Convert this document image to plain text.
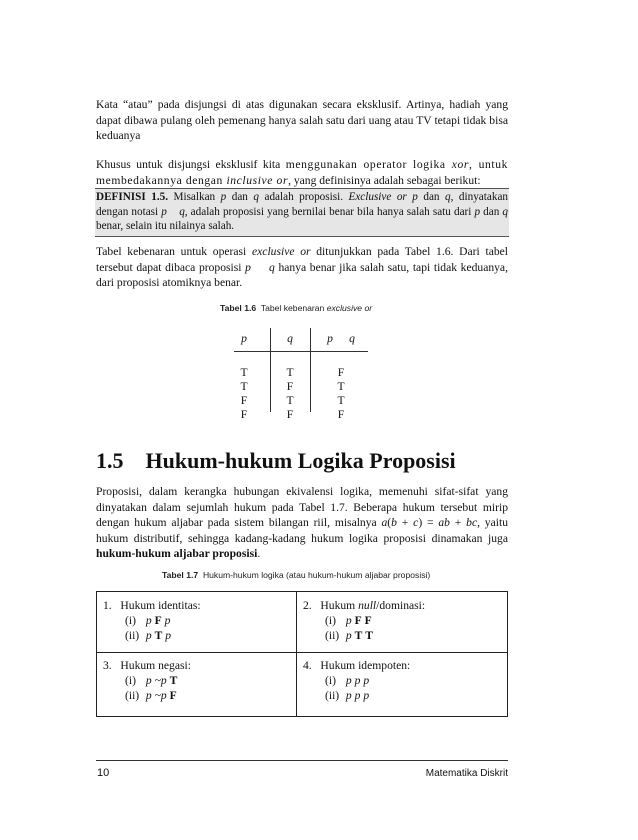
Kata “atau” pada disjungsi di atas digunakan secara eksklusif. Artinya, hadiah yang dapat dibawa pulang oleh pemenang hanya salah satu dari uang atau TV tetapi tidak bisa keduanya

Khusus untuk disjungsi eksklusif kita menggunakan operator logika xor, untuk membedakannya dengan inclusive or, yang definisinya adalah sebagai berikut:

DEFINISI 1.5. Misalkan p dan q adalah proposisi. Exclusive or p dan q, dinyatakan dengan notasi p q, adalah proposisi yang bernilai benar bila hanya salah satu dari p dan q benar, selain itu nilainya salah.

Tabel kebenaran untuk operasi exclusive or ditunjukkan pada Tabel 1.6. Dari tabel tersebut dapat dibaca proposisi p q hanya benar jika salah satu, tapi tidak keduanya, dari proposisi atomiknya benar.

Tabel 1.6 Tabel kebenaran exclusive or
p	q	p	q
T	T	F
T	F	T
F	T	T
F	F	F
1.5 Hukum-hukum Logika Proposisi

Proposisi, dalam kerangka hubungan ekivalensi logika, memenuhi sifat-sifat yang dinyatakan dalam sejumlah hukum pada Tabel 1.7. Beberapa hukum tersebut mirip dengan hukum aljabar pada sistem bilangan riil, misalnya a(b + c) = ab + bc, yaitu hukum distributif, sehingga kadang-kadang hukum logika proposisi dinamakan juga hukum-hukum aljabar proposisi.

Tabel 1.7 Hukum-hukum logika (atau hukum-hukum aljabar proposisi)
1. Hukum identitas:
(i) p F p
(ii) p T p
2. Hukum null/dominasi:
(i) p F F
(ii) p T T
3. Hukum negasi:
(i) p ~p T
(ii) p ~p F
4. Hukum idempoten:
(i) p p p
(ii) p p p
10	Matematika Diskrit
